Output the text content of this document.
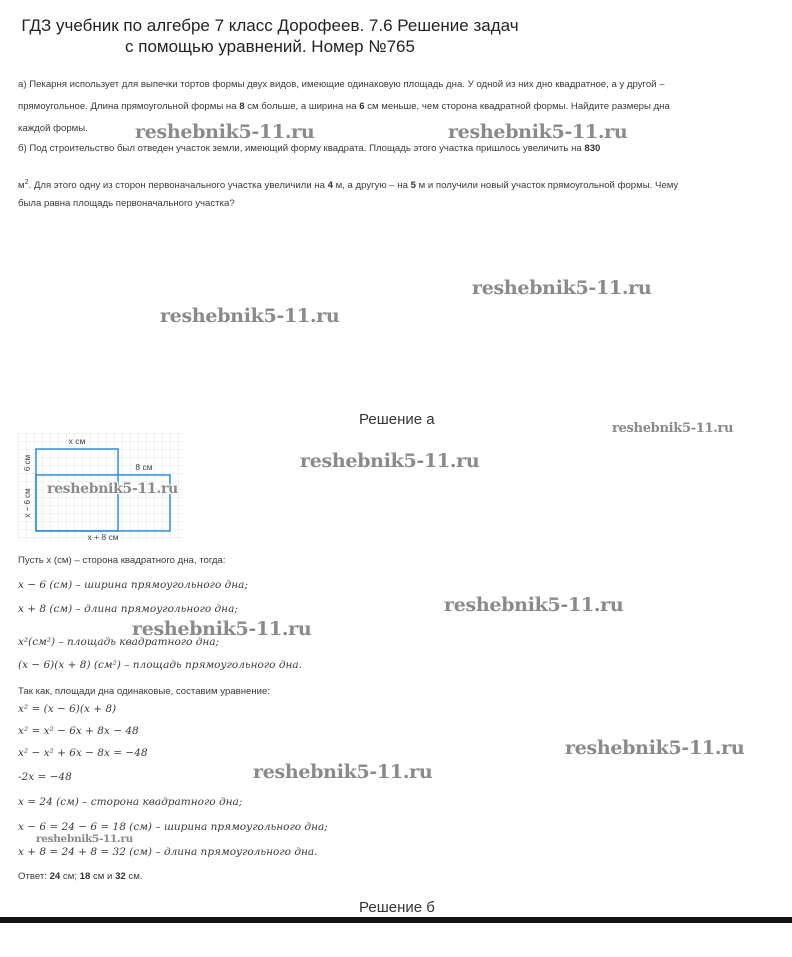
ГДЗ учебник по алгебре 7 класс Дорофеев. 7.6 Решение задач
с помощью уравнений. Номер №765
а) Пекарня использует для выпечки тортов формы двух видов, имеющие одинаковую площадь дна. У одной из них дно квадратное, а у другой –
прямоугольное. Длина прямоугольной формы на 8 см больше, а ширина на 6 см меньше, чем сторона квадратной формы. Найдите размеры дна
каждой формы.
б) Под строительство был отведен участок земли, имеющий форму квадрата. Площадь этого участка пришлось увеличить на 830
$м^2$. Для этого одну из сторон первоначального участка увеличили на 4 м, а другую – на 5 м и получили новый участок прямоугольной формы. Чему
была равна площадь первоначального участка?
Решение а
x см
8 см
6 см
x − 6 см
x + 8 см
Пусть x (см) – сторона квадратного дна, тогда:
x − 6 (см) – ширина прямоугольного дна;
x + 8 (см) – длина прямоугольного дна;
x²(см²) – площадь квадратного дна;
(x − 6)(x + 8) (см²) – площадь прямоугольного дна.
Так как, площади дна одинаковые, составим уравнение:
x² = (x − 6)(x + 8)
x² = x² − 6x + 8x − 48
x² − x² + 6x − 8x = −48
-2x = −48
x = 24 (см) – сторона квадратного дна;
x − 6 = 24 − 6 = 18 (см) – ширина прямоугольного дна;
x + 8 = 24 + 8 = 32 (см) – длина прямоугольного дна.
Ответ: 24 см; 18 см и 32 см.
Решение б
reshebnik5-11.ru	reshebnik5-11.ru
reshebnik5-11.ru
reshebnik5-11.ru
reshebnik5-11.ru
reshebnik5-11.ru
reshebnik5-11.ru
reshebnik5-11.ru
reshebnik5-11.ru
reshebnik5-11.ru
reshebnik5-11.ru
reshebnik5-11.ru
